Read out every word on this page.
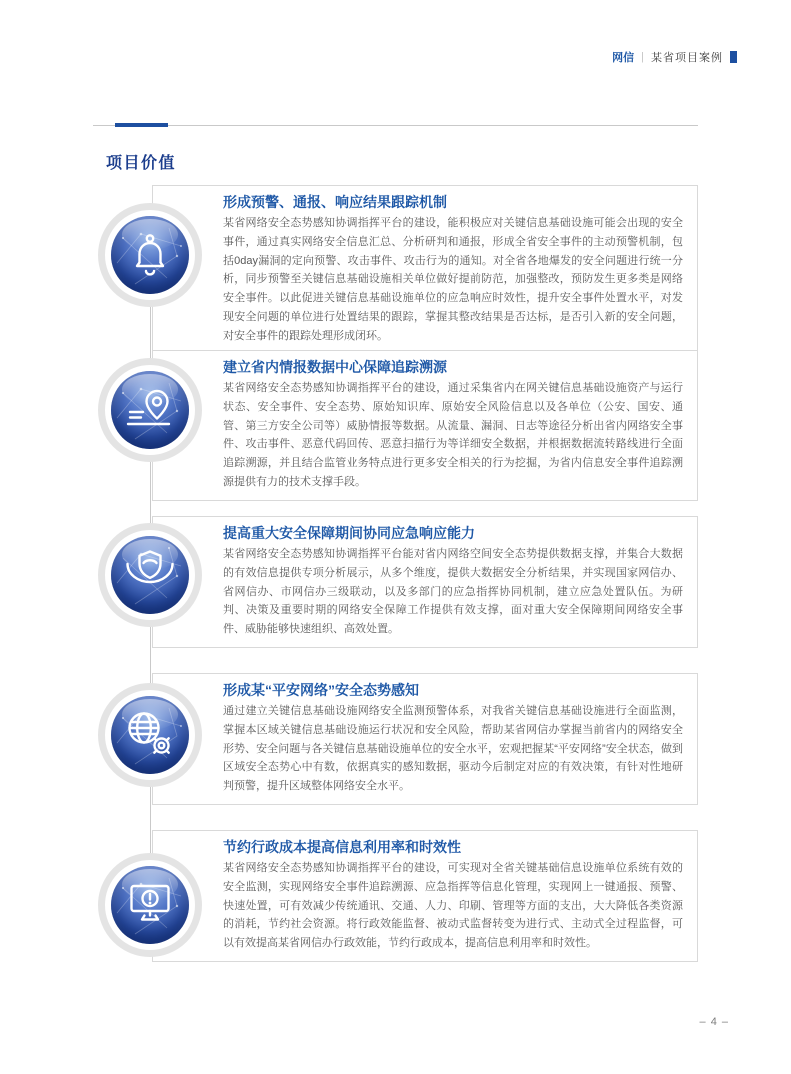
网信 | 某省项目案例
项目价值
形成预警、通报、响应结果跟踪机制

某省网络安全态势感知协调指挥平台的建设，能积极应对关键信息基础设施可能会出现的安全事件，通过真实网络安全信息汇总、分析研判和通报，形成全省安全事件的主动预警机制，包括0day漏洞的定向预警、攻击事件、攻击行为的通知。对全省各地爆发的安全问题进行统一分析，同步预警至关键信息基础设施相关单位做好提前防范，加强整改，预防发生更多类是网络安全事件。以此促进关键信息基础设施单位的应急响应时效性，提升安全事件处置水平，对发现安全问题的单位进行处置结果的跟踪，掌握其整改结果是否达标，是否引入新的安全问题，对安全事件的跟踪处理形成闭环。

建立省内情报数据中心保障追踪溯源

某省网络安全态势感知协调指挥平台的建设，通过采集省内在网关键信息基础设施资产与运行状态、安全事件、安全态势、原始知识库、原始安全风险信息以及各单位（公安、国安、通管、第三方安全公司等）威胁情报等数据。从流量、漏洞、日志等途径分析出省内网络安全事件、攻击事件、恶意代码回传、恶意扫描行为等详细安全数据，并根据数据流转路线进行全面追踪溯源，并且结合监管业务特点进行更多安全相关的行为挖掘，为省内信息安全事件追踪溯源提供有力的技术支撑手段。

提高重大安全保障期间协同应急响应能力

某省网络安全态势感知协调指挥平台能对省内网络空间安全态势提供数据支撑，并集合大数据的有效信息提供专项分析展示，从多个维度，提供大数据安全分析结果，并实现国家网信办、省网信办、市网信办三级联动，以及多部门的应急指挥协同机制，建立应急处置队伍。为研判、决策及重要时期的网络安全保障工作提供有效支撑，面对重大安全保障期间网络安全事件、威胁能够快速组织、高效处置。

形成某“平安网络”安全态势感知

通过建立关键信息基础设施网络安全监测预警体系，对我省关键信息基础设施进行全面监测，掌握本区域关键信息基础设施运行状况和安全风险，帮助某省网信办掌握当前省内的网络安全形势、安全问题与各关键信息基础设施单位的安全水平，宏观把握某“平安网络”安全状态，做到区域安全态势心中有数，依据真实的感知数据，驱动今后制定对应的有效决策，有针对性地研判预警，提升区域整体网络安全水平。

节约行政成本提高信息利用率和时效性

某省网络安全态势感知协调指挥平台的建设，可实现对全省关键基础信息设施单位系统有效的安全监测，实现网络安全事件追踪溯源、应急指挥等信息化管理，实现网上一键通报、预警、快速处置，可有效减少传统通讯、交通、人力、印刷、管理等方面的支出，大大降低各类资源的消耗，节约社会资源。将行政效能监督、被动式监督转变为进行式、主动式全过程监督，可以有效提高某省网信办行政效能，节约行政成本，提高信息利用率和时效性。

– 4 –
